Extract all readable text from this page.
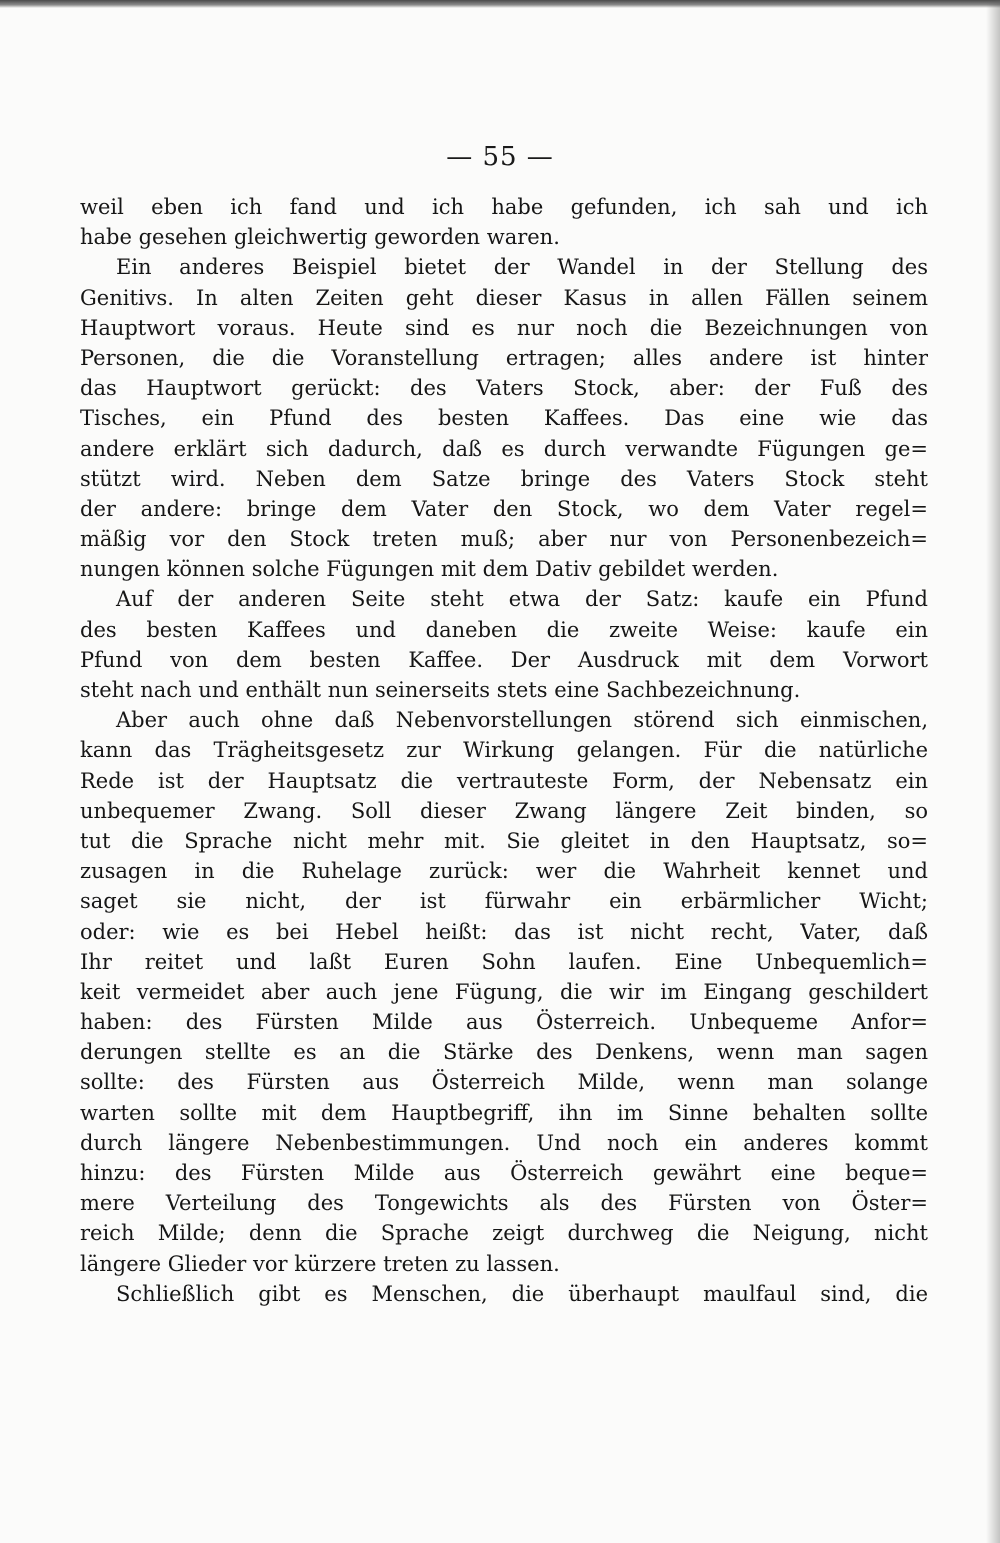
— 55 —
weil eben ich fand und ich habe gefunden, ich sah und ich
habe gesehen gleichwertig geworden waren.
Ein anderes Beispiel bietet der Wandel in der Stellung des
Genitivs. In alten Zeiten geht dieser Kasus in allen Fällen seinem
Hauptwort voraus. Heute sind es nur noch die Bezeichnungen von
Personen, die die Voranstellung ertragen; alles andere ist hinter
das Hauptwort gerückt: des Vaters Stock, aber: der Fuß des
Tisches, ein Pfund des besten Kaffees. Das eine wie das
andere erklärt sich dadurch, daß es durch verwandte Fügungen ge=
stützt wird. Neben dem Satze bringe des Vaters Stock steht
der andere: bringe dem Vater den Stock, wo dem Vater regel=
mäßig vor den Stock treten muß; aber nur von Personenbezeich=
nungen können solche Fügungen mit dem Dativ gebildet werden.
Auf der anderen Seite steht etwa der Satz: kaufe ein Pfund
des besten Kaffees und daneben die zweite Weise: kaufe ein
Pfund von dem besten Kaffee. Der Ausdruck mit dem Vorwort
steht nach und enthält nun seinerseits stets eine Sachbezeichnung.
Aber auch ohne daß Nebenvorstellungen störend sich einmischen,
kann das Trägheitsgesetz zur Wirkung gelangen. Für die natürliche
Rede ist der Hauptsatz die vertrauteste Form, der Nebensatz ein
unbequemer Zwang. Soll dieser Zwang längere Zeit binden, so
tut die Sprache nicht mehr mit. Sie gleitet in den Hauptsatz, so=
zusagen in die Ruhelage zurück: wer die Wahrheit kennet und
saget sie nicht, der ist fürwahr ein erbärmlicher Wicht;
oder: wie es bei Hebel heißt: das ist nicht recht, Vater, daß
Ihr reitet und laßt Euren Sohn laufen. Eine Unbequemlich=
keit vermeidet aber auch jene Fügung, die wir im Eingang geschildert
haben: des Fürsten Milde aus Österreich. Unbequeme Anfor=
derungen stellte es an die Stärke des Denkens, wenn man sagen
sollte: des Fürsten aus Österreich Milde, wenn man solange
warten sollte mit dem Hauptbegriff, ihn im Sinne behalten sollte
durch längere Nebenbestimmungen. Und noch ein anderes kommt
hinzu: des Fürsten Milde aus Österreich gewährt eine beque=
mere Verteilung des Tongewichts als des Fürsten von Öster=
reich Milde; denn die Sprache zeigt durchweg die Neigung, nicht
längere Glieder vor kürzere treten zu lassen.
Schließlich gibt es Menschen, die überhaupt maulfaul sind, die
